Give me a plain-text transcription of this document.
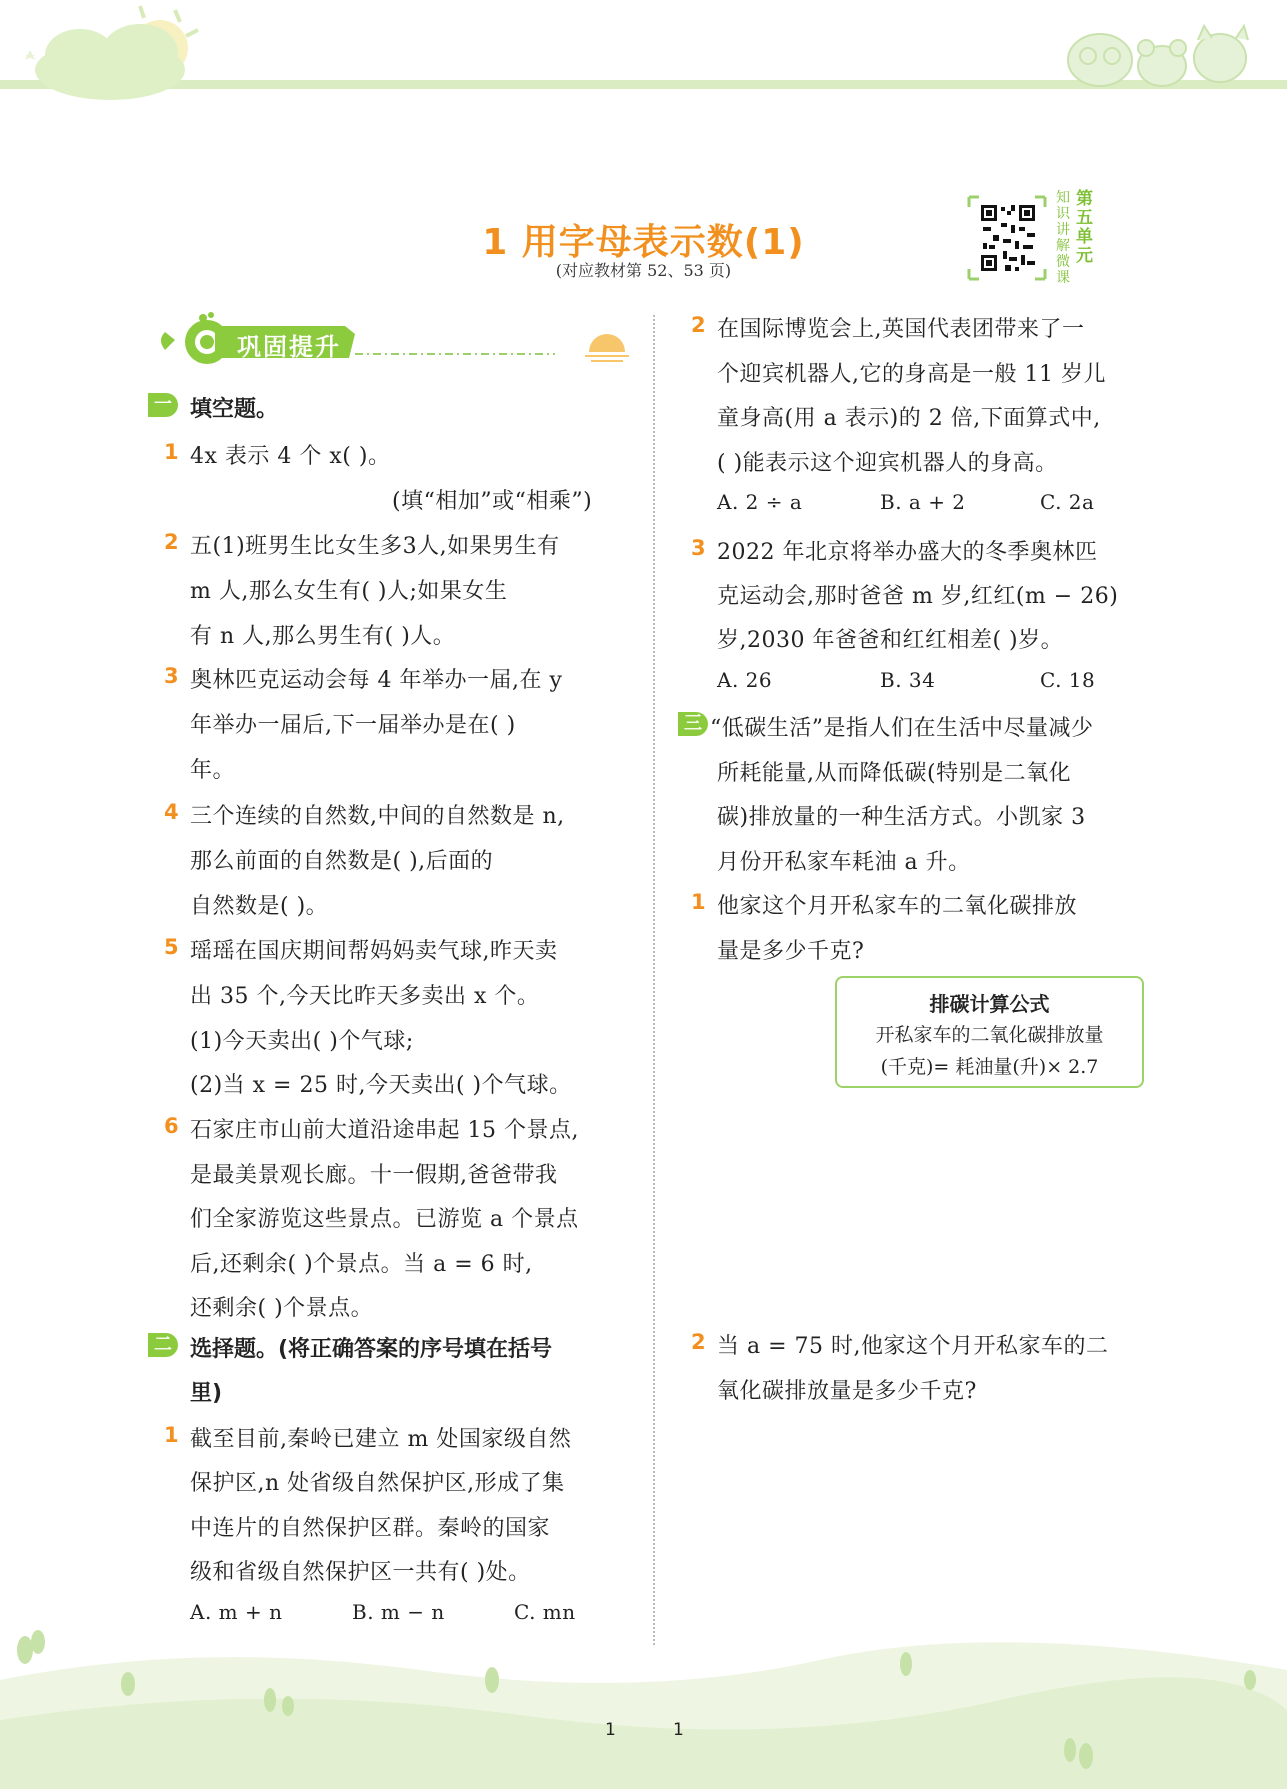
1 用字母表示数(1)
(对应教材第 52、53 页)
知识讲解微课
第五单元
巩固提升
一 填空题。
1 4x 表示 4 个 x( )。
(填“相加”或“相乘”)
2 五(1)班男生比女生多3人,如果男生有
m 人,那么女生有( )人;如果女生
有 n 人,那么男生有( )人。
3 奥林匹克运动会每 4 年举办一届,在 y
年举办一届后,下一届举办是在( )
年。
4 三个连续的自然数,中间的自然数是 n,
那么前面的自然数是( ),后面的
自然数是( )。
5 瑶瑶在国庆期间帮妈妈卖气球,昨天卖
出 35 个,今天比昨天多卖出 x 个。
(1)今天卖出( )个气球;
(2)当 x = 25 时,今天卖出( )个气球。
6 石家庄市山前大道沿途串起 15 个景点,
是最美景观长廊。十一假期,爸爸带我
们全家游览这些景点。已游览 a 个景点
后,还剩余( )个景点。当 a = 6 时,
还剩余( )个景点。
二 选择题。(将正确答案的序号填在括号
里)
1 截至目前,秦岭已建立 m 处国家级自然
保护区,n 处省级自然保护区,形成了集
中连片的自然保护区群。秦岭的国家
级和省级自然保护区一共有( )处。
A. m + n	B. m − n	C. mn
2 在国际博览会上,英国代表团带来了一
个迎宾机器人,它的身高是一般 11 岁儿
童身高(用 a 表示)的 2 倍,下面算式中,
( )能表示这个迎宾机器人的身高。
A. 2 ÷ a	B. a + 2	C. 2a
3 2022 年北京将举办盛大的冬季奥林匹
克运动会,那时爸爸 m 岁,红红(m − 26)
岁,2030 年爸爸和红红相差( )岁。
A. 26	B. 34	C. 18
三 “低碳生活”是指人们在生活中尽量减少
所耗能量,从而降低碳(特别是二氧化
碳)排放量的一种生活方式。小凯家 3
月份开私家车耗油 a 升。
1 他家这个月开私家车的二氧化碳排放
量是多少千克?
排碳计算公式
开私家车的二氧化碳排放量
(千克)= 耗油量(升)× 2.7
2 当 a = 75 时,他家这个月开私家车的二
氧化碳排放量是多少千克?
1	1
